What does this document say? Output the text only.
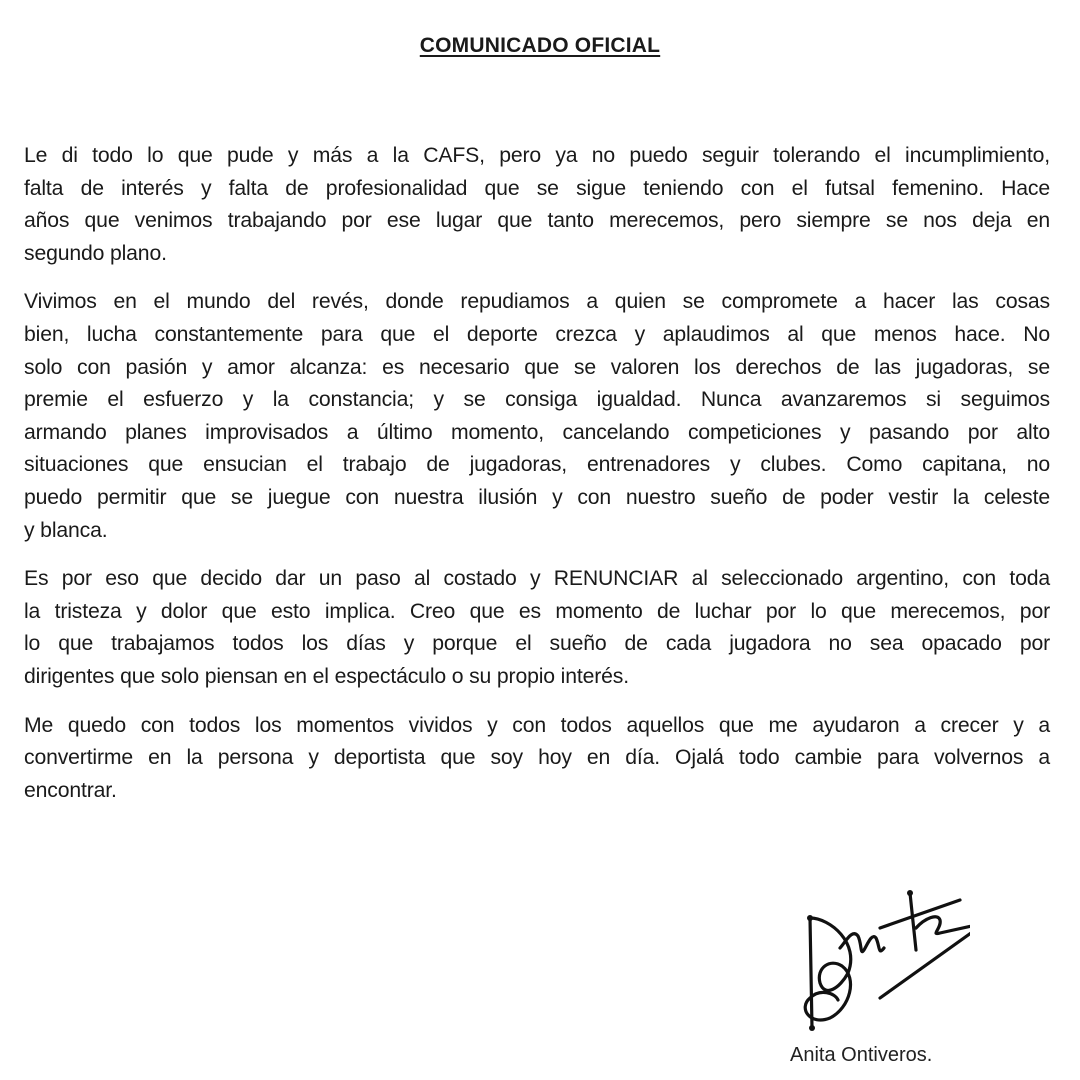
COMUNICADO OFICIAL

Le di todo lo que pude y más a la CAFS, pero ya no puedo seguir tolerando el incumplimiento,
falta de interés y falta de profesionalidad que se sigue teniendo con el futsal femenino. Hace
años que venimos trabajando por ese lugar que tanto merecemos, pero siempre se nos deja en
segundo plano.

Vivimos en el mundo del revés, donde repudiamos a quien se compromete a hacer las cosas
bien, lucha constantemente para que el deporte crezca y aplaudimos al que menos hace. No
solo con pasión y amor alcanza: es necesario que se valoren los derechos de las jugadoras, se
premie el esfuerzo y la constancia; y se consiga igualdad. Nunca avanzaremos si seguimos
armando planes improvisados a último momento, cancelando competiciones y pasando por alto
situaciones que ensucian el trabajo de jugadoras, entrenadores y clubes. Como capitana, no
puedo permitir que se juegue con nuestra ilusión y con nuestro sueño de poder vestir la celeste
y blanca.

Es por eso que decido dar un paso al costado y RENUNCIAR al seleccionado argentino, con toda
la tristeza y dolor que esto implica. Creo que es momento de luchar por lo que merecemos, por
lo que trabajamos todos los días y porque el sueño de cada jugadora no sea opacado por
dirigentes que solo piensan en el espectáculo o su propio interés.

Me quedo con todos los momentos vividos y con todos aquellos que me ayudaron a crecer y a
convertirme en la persona y deportista que soy hoy en día. Ojalá todo cambie para volvernos a
encontrar.

Anita Ontiveros.
